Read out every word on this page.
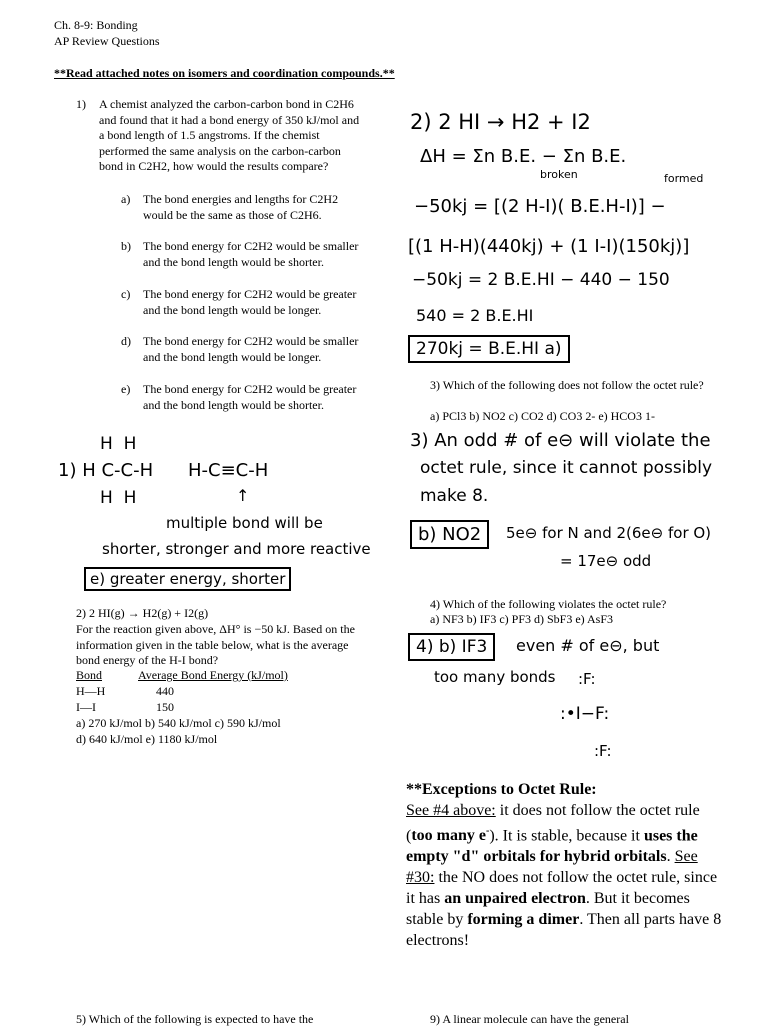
Ch. 8-9: Bonding
AP Review Questions
**Read attached notes on isomers and coordination compounds.**
1) A chemist analyzed the carbon-carbon bond in C2H6 and found that it had a bond energy of 350 kJ/mol and a bond length of 1.5 angstroms. If the chemist performed the same analysis on the carbon-carbon bond in C2H2, how would the results compare?
a)	The bond energies and lengths for C2H2 would be the same as those of C2H6.
b)	The bond energy for C2H2 would be smaller and the bond length would be shorter.
c)	The bond energy for C2H2 would be greater and the bond length would be longer.
d)	The bond energy for C2H2 would be smaller and the bond length would be longer.
e)	The bond energy for C2H2 would be greater and the bond length would be shorter.
H  H
1) H C-C-H
H  H
H-C≡C-H
↑
multiple bond will be
shorter, stronger and more reactive
e) greater energy, shorter
2) 2 HI(g) → H2(g) + I2(g)
For the reaction given above, ΔH° is −50 kJ. Based on the information given in the table below, what is the average bond energy of the H-I bond?
Bond	Average Bond Energy (kJ/mol)
H—H	440
I—I	150
a) 270 kJ/mol b) 540 kJ/mol c) 590 kJ/mol
d) 640 kJ/mol e) 1180 kJ/mol
2) 2 HI → H2 + I2
ΔH = Σn B.E. − Σn B.E.
broken	formed
−50kj = [(2 H-I)( B.E.H-I)] −
[(1 H-H)(440kj) + (1 I-I)(150kj)]
−50kj = 2 B.E.HI − 440 − 150
540 = 2 B.E.HI
270kj = B.E.HI a)
3) Which of the following does not follow the octet rule?
a) PCl3 b) NO2 c) CO2 d) CO3 2- e) HCO3 1-
3) An odd # of e⊖ will violate the
octet rule, since it cannot possibly
make 8.
b) NO2	5e⊖ for N and 2(6e⊖ for O)
= 17e⊖ odd
4) Which of the following violates the octet rule?
a) NF3 b) IF3 c) PF3 d) SbF3 e) AsF3
4) b) IF3	even # of e⊖, but
too many bonds :F:
:•I−F:
:F:
**Exceptions to Octet Rule:
See #4 above: it does not follow the octet rule (too many e-). It is stable, because it uses the empty "d" orbitals for hybrid orbitals. See #30: the NO does not follow the octet rule, since it has an unpaired electron. But it becomes stable by forming a dimer. Then all parts have 8 electrons!
5) Which of the following is expected to have the	9) A linear molecule can have the general
